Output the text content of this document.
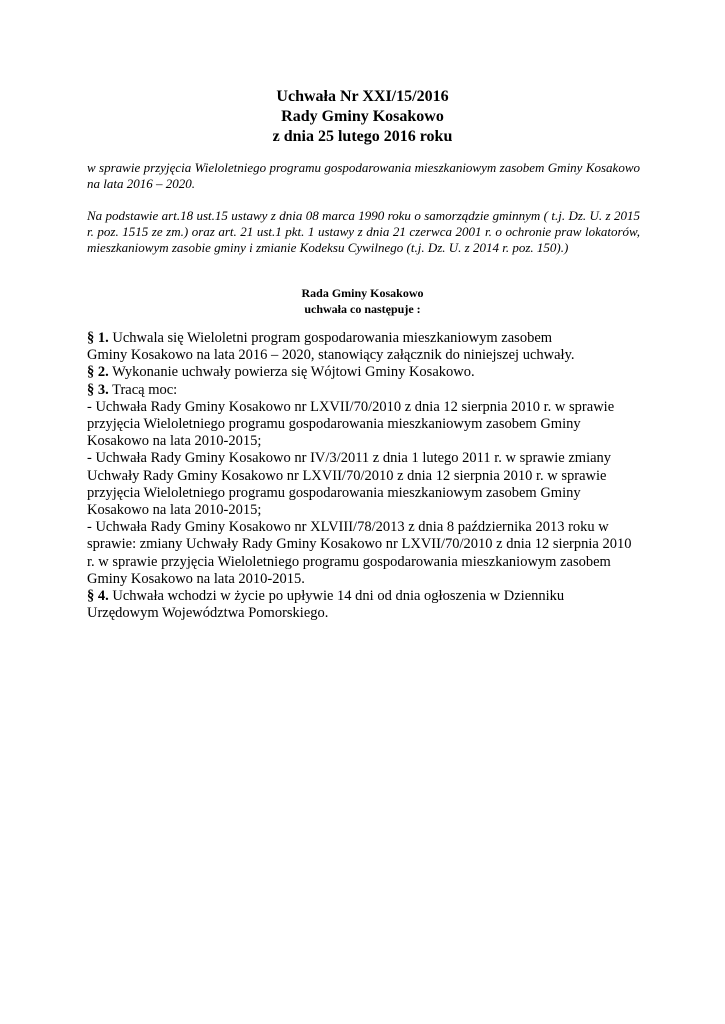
Uchwała Nr XXI/15/2016
Rady Gminy Kosakowo
z dnia 25 lutego 2016 roku
w sprawie przyjęcia Wieloletniego programu gospodarowania mieszkaniowym zasobem Gminy Kosakowo na lata 2016 – 2020.
Na podstawie art.18 ust.15 ustawy z dnia 08 marca 1990 roku o samorządzie gminnym ( t.j. Dz. U. z 2015 r. poz. 1515 ze zm.) oraz art. 21 ust.1 pkt. 1 ustawy z dnia 21 czerwca 2001 r. o ochronie praw lokatorów, mieszkaniowym zasobie gminy i zmianie Kodeksu Cywilnego (t.j. Dz. U. z 2014 r. poz. 150).)
Rada Gminy Kosakowo
uchwała co następuje :
§ 1. Uchwala się Wieloletni program gospodarowania mieszkaniowym zasobem
Gminy Kosakowo na lata 2016 – 2020, stanowiący załącznik do niniejszej uchwały.
§ 2. Wykonanie uchwały powierza się Wójtowi Gminy Kosakowo.
§ 3. Tracą moc:
- Uchwała Rady Gminy Kosakowo nr LXVII/70/2010 z dnia 12 sierpnia 2010 r. w sprawie
przyjęcia Wieloletniego programu gospodarowania mieszkaniowym zasobem Gminy
Kosakowo na lata 2010-2015;
- Uchwała Rady Gminy Kosakowo nr IV/3/2011 z dnia 1 lutego 2011 r. w sprawie zmiany
Uchwały Rady Gminy Kosakowo nr LXVII/70/2010 z dnia 12 sierpnia 2010 r. w sprawie
przyjęcia Wieloletniego programu gospodarowania mieszkaniowym zasobem Gminy
Kosakowo na lata 2010-2015;
- Uchwała Rady Gminy Kosakowo nr XLVIII/78/2013 z dnia 8 października 2013 roku w
sprawie: zmiany Uchwały Rady Gminy Kosakowo nr LXVII/70/2010 z dnia 12 sierpnia 2010
r. w sprawie przyjęcia Wieloletniego programu gospodarowania mieszkaniowym zasobem
Gminy Kosakowo na lata 2010-2015.
§ 4. Uchwała wchodzi w życie po upływie 14 dni od dnia ogłoszenia w Dzienniku
Urzędowym Województwa Pomorskiego.
